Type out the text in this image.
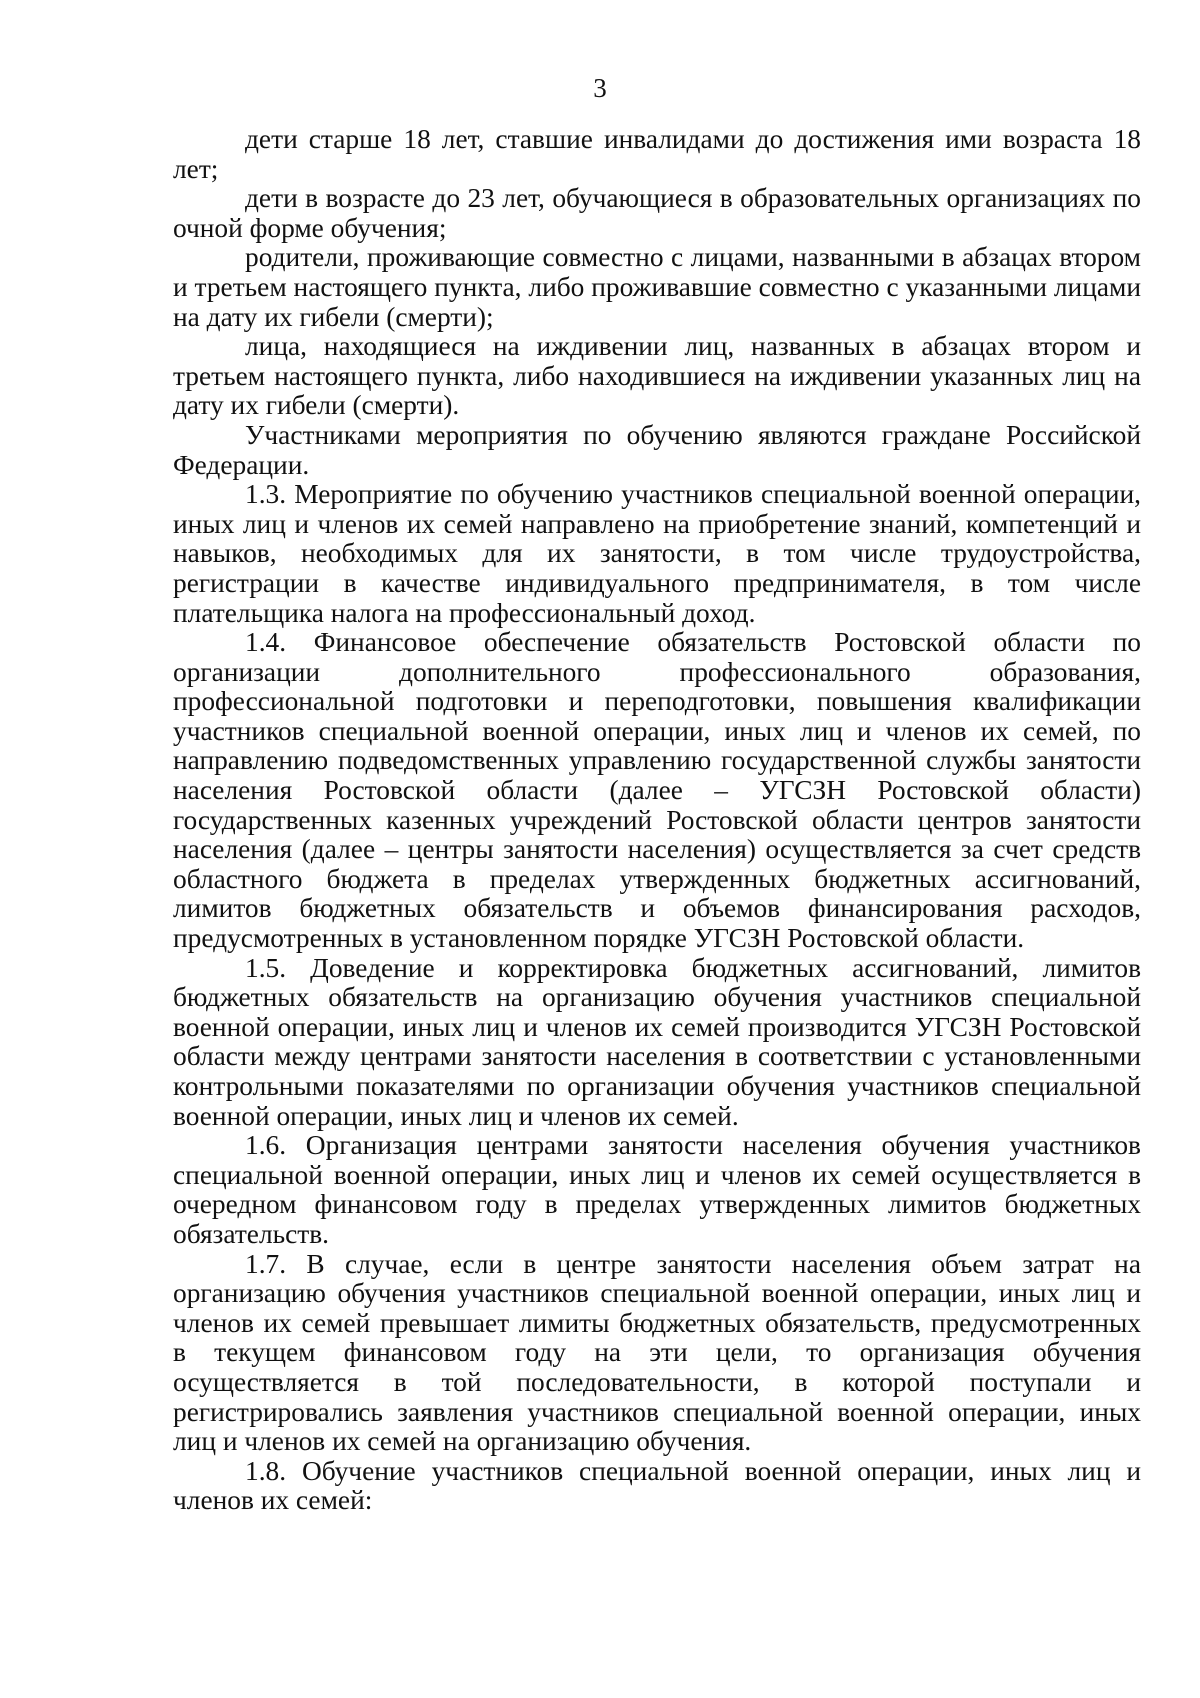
3

дети старше 18 лет, ставшие инвалидами до достижения ими возраста 18 лет;

дети в возрасте до 23 лет, обучающиеся в образовательных организациях по очной форме обучения;

родители, проживающие совместно с лицами, названными в абзацах втором и третьем настоящего пункта, либо проживавшие совместно с указанными лицами на дату их гибели (смерти);

лица, находящиеся на иждивении лиц, названных в абзацах втором и третьем настоящего пункта, либо находившиеся на иждивении указанных лиц на дату их гибели (смерти).

Участниками мероприятия по обучению являются граждане Российской Федерации.

1.3. Мероприятие по обучению участников специальной военной операции, иных лиц и членов их семей направлено на приобретение знаний, компетенций и навыков, необходимых для их занятости, в том числе трудоустройства, регистрации в качестве индивидуального предпринимателя, в том числе плательщика налога на профессиональный доход.

1.4. Финансовое обеспечение обязательств Ростовской области по организации дополнительного профессионального образования, профессиональной подготовки и переподготовки, повышения квалификации участников специальной военной операции, иных лиц и членов их семей, по направлению подведомственных управлению государственной службы занятости населения Ростовской области (далее – УГСЗН Ростовской области) государственных казенных учреждений Ростовской области центров занятости населения (далее – центры занятости населения) осуществляется за счет средств областного бюджета в пределах утвержденных бюджетных ассигнований, лимитов бюджетных обязательств и объемов финансирования расходов, предусмотренных в установленном порядке УГСЗН Ростовской области.

1.5. Доведение и корректировка бюджетных ассигнований, лимитов бюджетных обязательств на организацию обучения участников специальной военной операции, иных лиц и членов их семей производится УГСЗН Ростовской области между центрами занятости населения в соответствии с установленными контрольными показателями по организации обучения участников специальной военной операции, иных лиц и членов их семей.

1.6. Организация центрами занятости населения обучения участников специальной военной операции, иных лиц и членов их семей осуществляется в очередном финансовом году в пределах утвержденных лимитов бюджетных обязательств.

1.7. В случае, если в центре занятости населения объем затрат на организацию обучения участников специальной военной операции, иных лиц и членов их семей превышает лимиты бюджетных обязательств, предусмотренных в текущем финансовом году на эти цели, то организация обучения осуществляется в той последовательности, в которой поступали и регистрировались заявления участников специальной военной операции, иных лиц и членов их семей на организацию обучения.

1.8. Обучение участников специальной военной операции, иных лиц и членов их семей:
